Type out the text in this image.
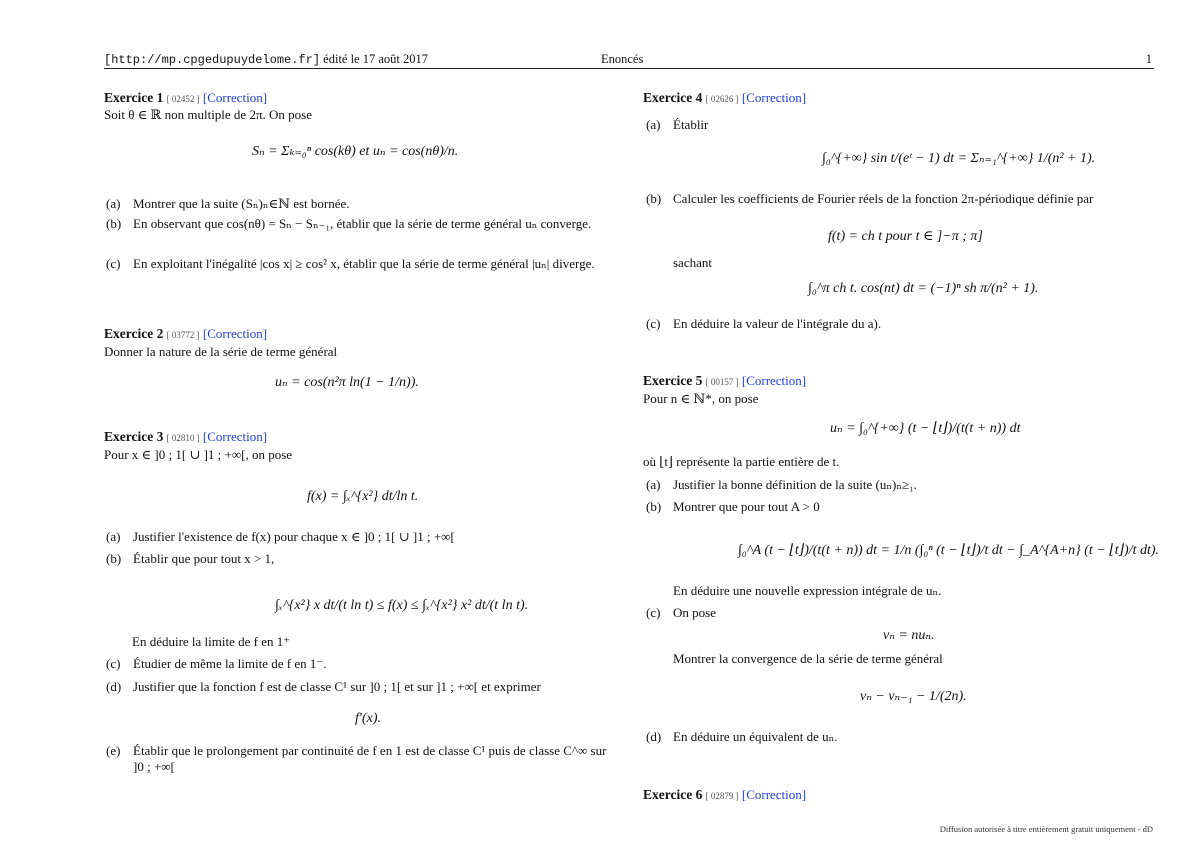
[http://mp.cpgedupuydelome.fr] édité le 17 août 2017	Enoncés	1
Exercice 1 [ 02452 ] [Correction]
Soit θ ∈ ℝ non multiple de 2π. On pose
Sₙ = Σₖ₌₀ⁿ cos(kθ) et uₙ = cos(nθ)/n.
(a) Montrer que la suite (Sₙ)ₙ∈ℕ est bornée.
(b) En observant que cos(nθ) = Sₙ − Sₙ₋₁, établir que la série de terme général uₙ converge.
(c) En exploitant l'inégalité |cos x| ≥ cos² x, établir que la série de terme général |uₙ| diverge.
Exercice 2 [ 03772 ] [Correction]
Donner la nature de la série de terme général
uₙ = cos(n²π ln(1 − 1/n)).
Exercice 3 [ 02810 ] [Correction]
Pour x ∈ ]0 ; 1[ ∪ ]1 ; +∞[, on pose
f(x) = ∫ₓ^{x²} dt/ln t.
(a) Justifier l'existence de f(x) pour chaque x ∈ ]0 ; 1[ ∪ ]1 ; +∞[
(b) Établir que pour tout x > 1,
∫ₓ^{x²} x dt/(t ln t) ≤ f(x) ≤ ∫ₓ^{x²} x² dt/(t ln t).
En déduire la limite de f en 1⁺
(c) Étudier de même la limite de f en 1⁻.
(d) Justifier que la fonction f est de classe C¹ sur ]0 ; 1[ et sur ]1 ; +∞[ et exprimer
f′(x).
(e) Établir que le prolongement par continuité de f en 1 est de classe C¹ puis de classe C^∞ sur ]0 ; +∞[
Exercice 4 [ 02626 ] [Correction]
(a) Établir
∫₀^{+∞} sin t/(eᵗ − 1) dt = Σₙ₌₁^{+∞} 1/(n² + 1).
(b) Calculer les coefficients de Fourier réels de la fonction 2π-périodique définie par
f(t) = ch t pour t ∈ ]−π ; π]
sachant
∫₀^π ch t. cos(nt) dt = (−1)ⁿ sh π/(n² + 1).
(c) En déduire la valeur de l'intégrale du a).
Exercice 5 [ 00157 ] [Correction]
Pour n ∈ ℕ*, on pose
uₙ = ∫₀^{+∞} (t − ⌊t⌋)/(t(t + n)) dt
où ⌊t⌋ représente la partie entière de t.
(a) Justifier la bonne définition de la suite (uₙ)ₙ≥₁.
(b) Montrer que pour tout A > 0
∫₀^A (t − ⌊t⌋)/(t(t + n)) dt = 1/n (∫₀ⁿ (t − ⌊t⌋)/t dt − ∫_A^{A+n} (t − ⌊t⌋)/t dt).
En déduire une nouvelle expression intégrale de uₙ.
(c) On pose
vₙ = nuₙ.
Montrer la convergence de la série de terme général
vₙ − vₙ₋₁ − 1/(2n).
(d) En déduire un équivalent de uₙ.
Exercice 6 [ 02879 ] [Correction]
Diffusion autorisée à titre entièrement gratuit uniquement - dD
